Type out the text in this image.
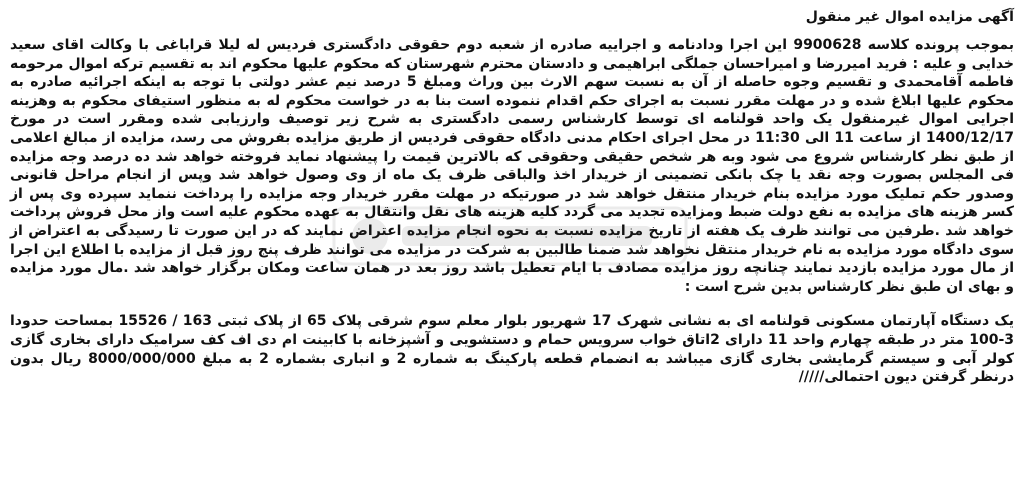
آگهی مزایده اموال غیر منقول

بموجب پرونده کلاسه 9900628 این اجرا ودادنامه و اجراییه صادره از شعبه دوم حقوقی دادگستری فردیس له لیلا قراباغی با وکالت اقای سعید خدایی و علیه : فرید امیررضا و امیراحسان جملگی ابراهیمی و دادستان محترم شهرستان که محکوم علیها محکوم اند به تقسیم ترکه اموال مرحومه فاطمه آقامحمدی و تقسیم وجوه حاصله از آن به نسبت سهم الارث بین وراث ومبلغ 5 درصد نیم عشر دولتی با توجه به اینکه اجرائیه صادره به محکوم علیها ابلاغ شده و در مهلت مقرر نسبت به اجرای حکم اقدام ننموده است بنا به در خواست محکوم له به منظور استیفای محکوم به وهزینه اجرایی اموال غیرمنقول یک واحد قولنامه ای توسط کارشناس رسمی دادگستری به شرح زیر توصیف وارزیابی شده ومقرر است در مورخ 1400/12/17 از ساعت 11 الی 11:30 در محل اجرای احکام مدنی دادگاه حقوقی فردیس از طریق مزایده بفروش می رسد، مزایده از مبالغ اعلامی از طبق نظر کارشناس شروع می شود وبه هر شخص حقیقی وحقوقی که بالاترین قیمت را پیشنهاد نماید فروخته خواهد شد ده درصد وجه مزایده فی المجلس بصورت وجه نقد یا چک بانکی تضمینی از خریدار اخذ والباقی ظرف یک ماه از وی وصول خواهد شد وپس از انجام مراحل قانونی وصدور حکم تملیک مورد مزایده بنام خریدار منتقل خواهد شد در صورتیکه در مهلت مقرر خریدار وجه مزایده را پرداخت ننماید سپرده وی پس از کسر هزینه های مزایده به نفع دولت ضبط ومزایده تجدید می گردد کلیه هزینه های نقل وانتقال به عهده محکوم علیه است واز محل فروش پرداخت خواهد شد .طرفین می توانند ظرف یک هفته از تاریخ مزایده نسبت به نحوه انجام مزایده اعتراض نمایند که در این صورت تا رسیدگی به اعتراض از سوی دادگاه مورد مزایده به نام خریدار منتقل نخواهد شد ضمنا طالبین به شرکت در مزایده می توانند ظرف پنج روز قبل از مزایده با اطلاع این اجرا از مال مورد مزایده بازدید نمایند چنانچه روز مزایده مصادف با ایام تعطیل باشد روز بعد در همان ساعت ومکان برگزار خواهد شد .مال مورد مزایده و بهای ان طبق نظر کارشناس بدین شرح است :

یک دستگاه آپارتمان مسکونی قولنامه ای به نشانی شهرک 17 شهریور بلوار معلم سوم شرقی پلاک 65 از پلاک ثبتی 163 / 15526 بمساحت حدودا 3-100 متر در طبقه چهارم واحد 11 دارای 2اتاق خواب سرویس حمام و دستشویی و آشپزخانه با کابینت ام دی اف کف سرامیک دارای بخاری گازی کولر آبی و سیستم گرمایشی بخاری گازی میباشد به انضمام قطعه پارکینگ به شماره 2 و انباری بشماره 2 به مبلغ 8000/000/000 ریال بدون درنظر گرفتن دیون احتمالی/////
